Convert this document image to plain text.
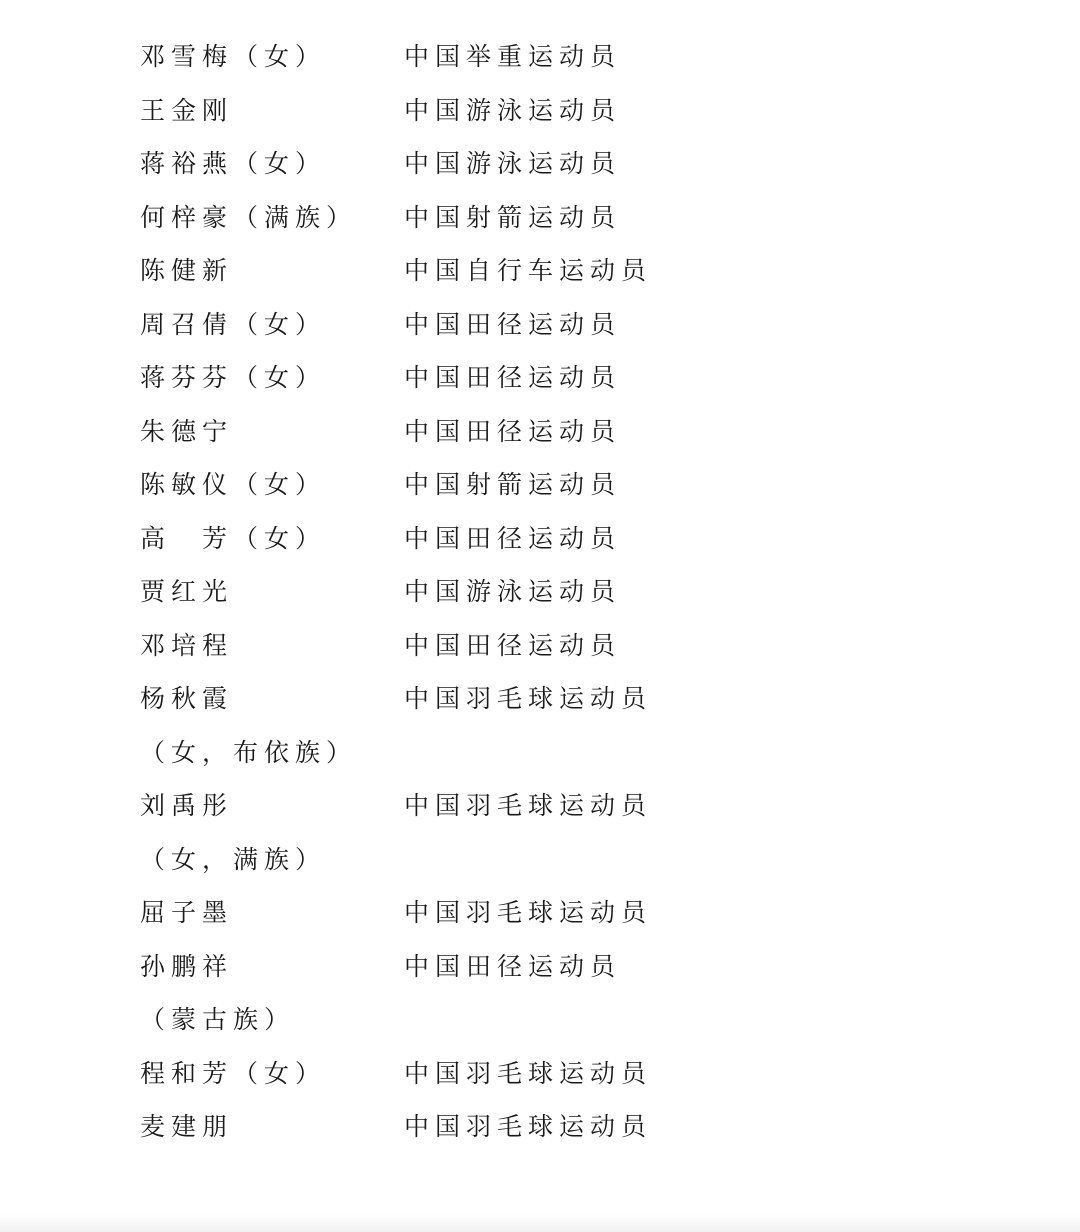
邓雪梅（女）	中国举重运动员
王金刚	中国游泳运动员
蒋裕燕（女）	中国游泳运动员
何梓豪（满族） 中国射箭运动员
陈健新	中国自行车运动员
周召倩（女）	中国田径运动员
蒋芬芬（女）	中国田径运动员
朱德宁	中国田径运动员
陈敏仪（女）	中国射箭运动员
高　芳（女）	中国田径运动员
贾红光	中国游泳运动员
邓培程	中国田径运动员
杨秋霞	中国羽毛球运动员
（女，布依族）
刘禹彤	中国羽毛球运动员
（女，满族）
屈子墨	中国羽毛球运动员
孙鹏祥	中国田径运动员
（蒙古族）
程和芳（女）	中国羽毛球运动员
麦建朋	中国羽毛球运动员
